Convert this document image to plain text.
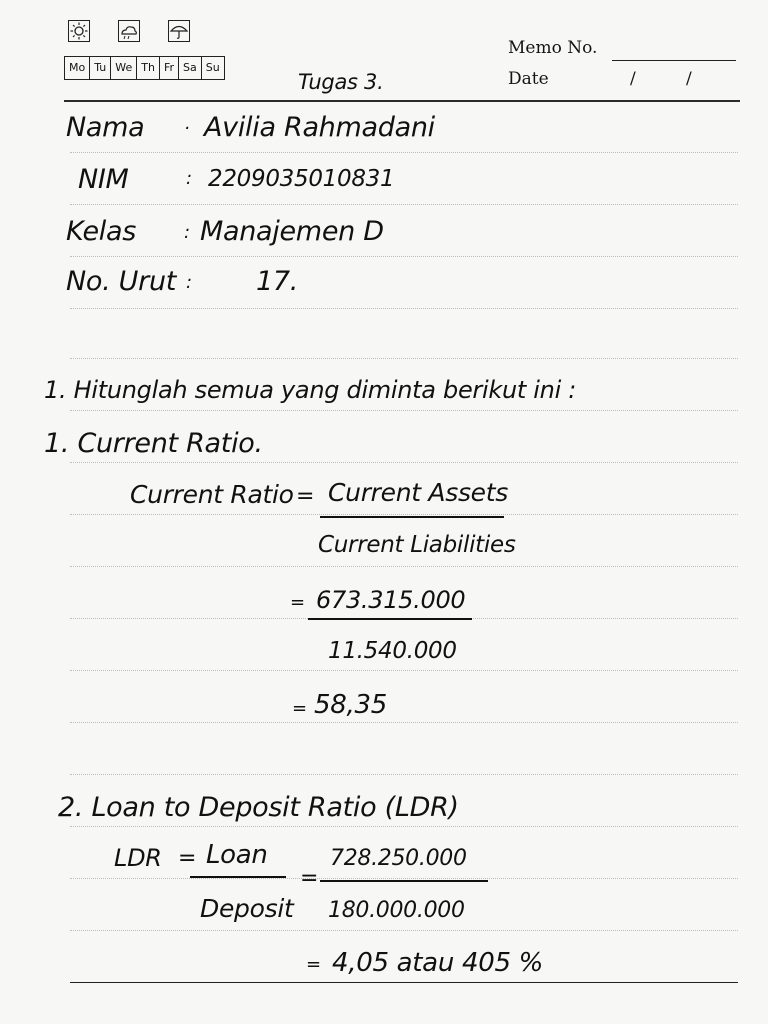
Mo Tu We Th Fr Sa Su
Memo No.
Date	/	/
Tugas 3.
Nama · Avilia Rahmadani
NIM	: 2209035010831
Kelas	: Manajemen D
No. Urut : 17.
1. Hitunglah semua yang diminta berikut ini :
1. Current Ratio.
Current Ratio = Current Assets
Current Liabilities
= 673.315.000
11.540.000
= 58,35
2. Loan to Deposit Ratio (LDR)
LDR = Loan
=
728.250.000
Deposit 180.000.000
= 4,05 atau 405 %
